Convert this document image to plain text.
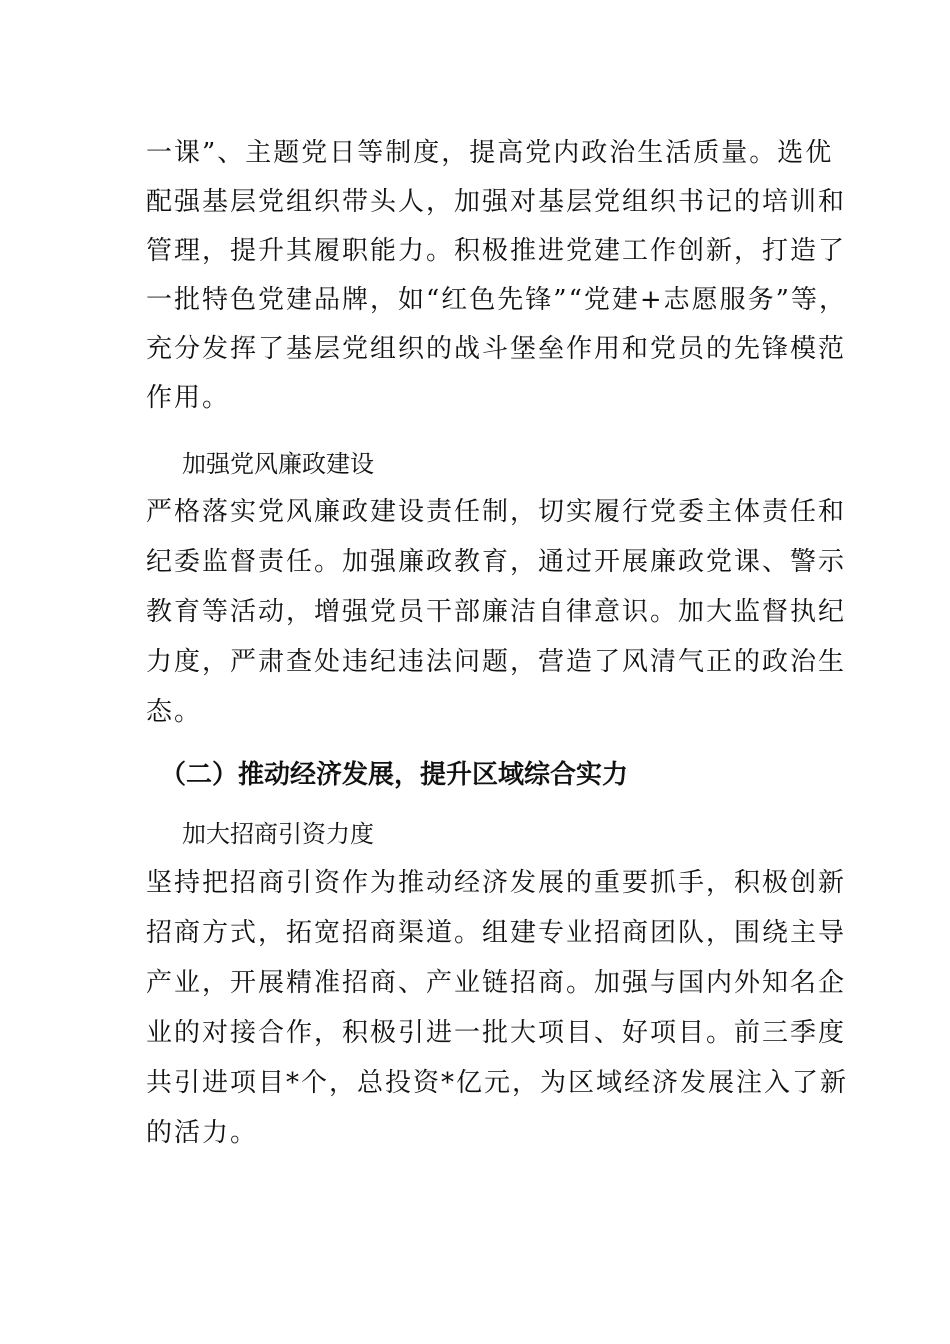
一课”、主题党日等制度，提高党内政治生活质量。选优
配强基层党组织带头人，加强对基层党组织书记的培训和
管理，提升其履职能力。积极推进党建工作创新，打造了
一批特色党建品牌，如“红色先锋”“党建+志愿服务”等，
充分发挥了基层党组织的战斗堡垒作用和党员的先锋模范
作用。
加强党风廉政建设
严格落实党风廉政建设责任制，切实履行党委主体责任和
纪委监督责任。加强廉政教育，通过开展廉政党课、警示
教育等活动，增强党员干部廉洁自律意识。加大监督执纪
力度，严肃查处违纪违法问题，营造了风清气正的政治生
态。
（二）推动经济发展，提升区域综合实力
加大招商引资力度
坚持把招商引资作为推动经济发展的重要抓手，积极创新
招商方式，拓宽招商渠道。组建专业招商团队，围绕主导
产业，开展精准招商、产业链招商。加强与国内外知名企
业的对接合作，积极引进一批大项目、好项目。前三季度
共引进项目*个，总投资*亿元，为区域经济发展注入了新
的活力。
